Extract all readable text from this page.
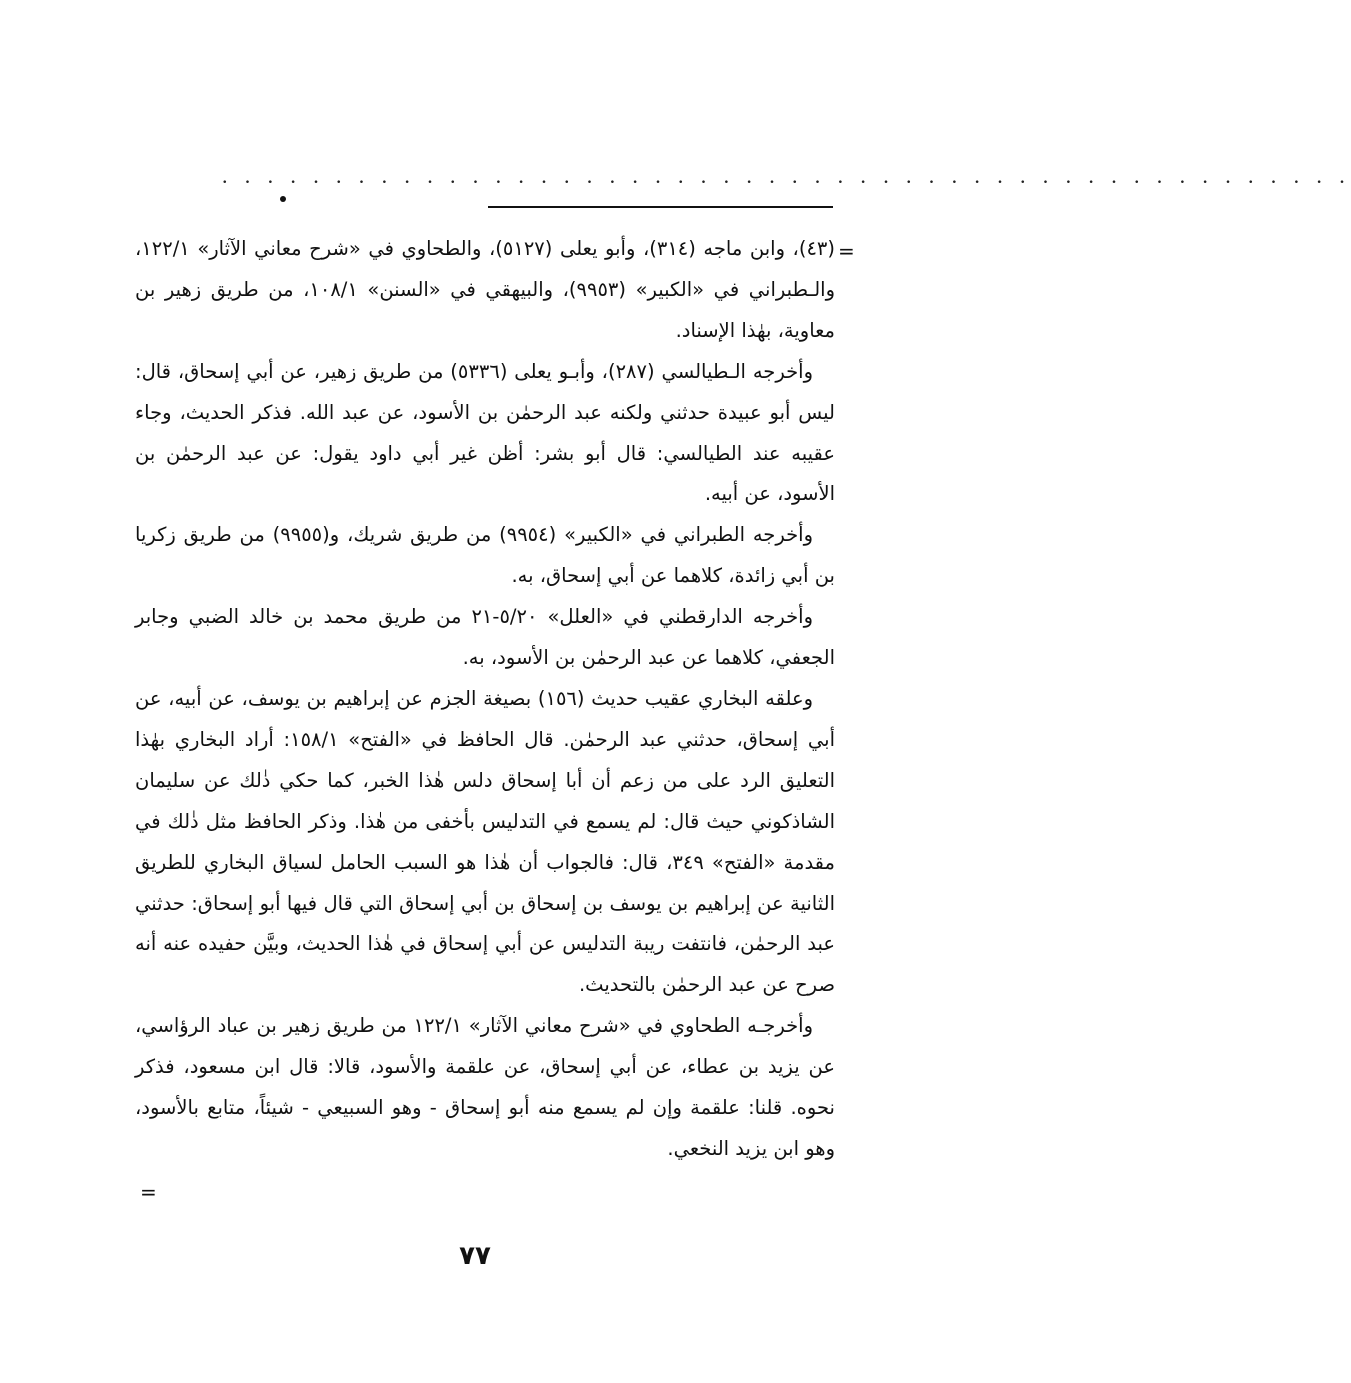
. . . . . . . . . . . . . . . . . . . . . . . . . . . . . . . . . . . . . . . . . . . . . . . . . .
=

(٤٣)، وابن ماجه (٣١٤)، وأبو يعلى (٥١٢٧)، والطحاوي في «شرح معاني الآثار» ١٢٢/١، والـطبراني في «الكبير» (٩٩٥٣)، والبيهقي في «السنن» ١٠٨/١، من طريق زهير بن معاوية، بهٰذا الإسناد.

وأخرجه الـطيالسي (٢٨٧)، وأبـو يعلى (٥٣٣٦) من طريق زهير، عن أبي إسحاق، قال: ليس أبو عبيدة حدثني ولكنه عبد الرحمٰن بن الأسود، عن عبد الله. فذكر الحديث، وجاء عقيبه عند الطيالسي: قال أبو بشر: أظن غير أبي داود يقول: عن عبد الرحمٰن بن الأسود، عن أبيه.

وأخرجه الطبراني في «الكبير» (٩٩٥٤) من طريق شريك، و(٩٩٥٥) من طريق زكريا بن أبي زائدة، كلاهما عن أبي إسحاق، به.

وأخرجه الدارقطني في «العلل» ٥/٢٠-٢١ من طريق محمد بن خالد الضبي وجابر الجعفي، كلاهما عن عبد الرحمٰن بن الأسود، به.

وعلقه البخاري عقيب حديث (١٥٦) بصيغة الجزم عن إبراهيم بن يوسف، عن أبيه، عن أبي إسحاق، حدثني عبد الرحمٰن. قال الحافظ في «الفتح» ١٥٨/١: أراد البخاري بهٰذا التعليق الرد على من زعم أن أبا إسحاق دلس هٰذا الخبر، كما حكي ذٰلك عن سليمان الشاذكوني حيث قال: لم يسمع في التدليس بأخفى من هٰذا. وذكر الحافظ مثل ذٰلك في مقدمة «الفتح» ٣٤٩، قال: فالجواب أن هٰذا هو السبب الحامل لسياق البخاري للطريق الثانية عن إبراهيم بن يوسف بن إسحاق بن أبي إسحاق التي قال فيها أبو إسحاق: حدثني عبد الرحمٰن، فانتفت ريبة التدليس عن أبي إسحاق في هٰذا الحديث، وبيَّن حفيده عنه أنه صرح عن عبد الرحمٰن بالتحديث.

وأخرجـه الطحاوي في «شرح معاني الآثار» ١٢٢/١ من طريق زهير بن عباد الرؤاسي، عن يزيد بن عطاء، عن أبي إسحاق، عن علقمة والأسود، قالا: قال ابن مسعود، فذكر نحوه. قلنا: علقمة وإن لم يسمع منه أبو إسحاق - وهو السبيعي - شيئاً، متابع بالأسود، وهو ابن يزيد النخعي.

=
٧٧
